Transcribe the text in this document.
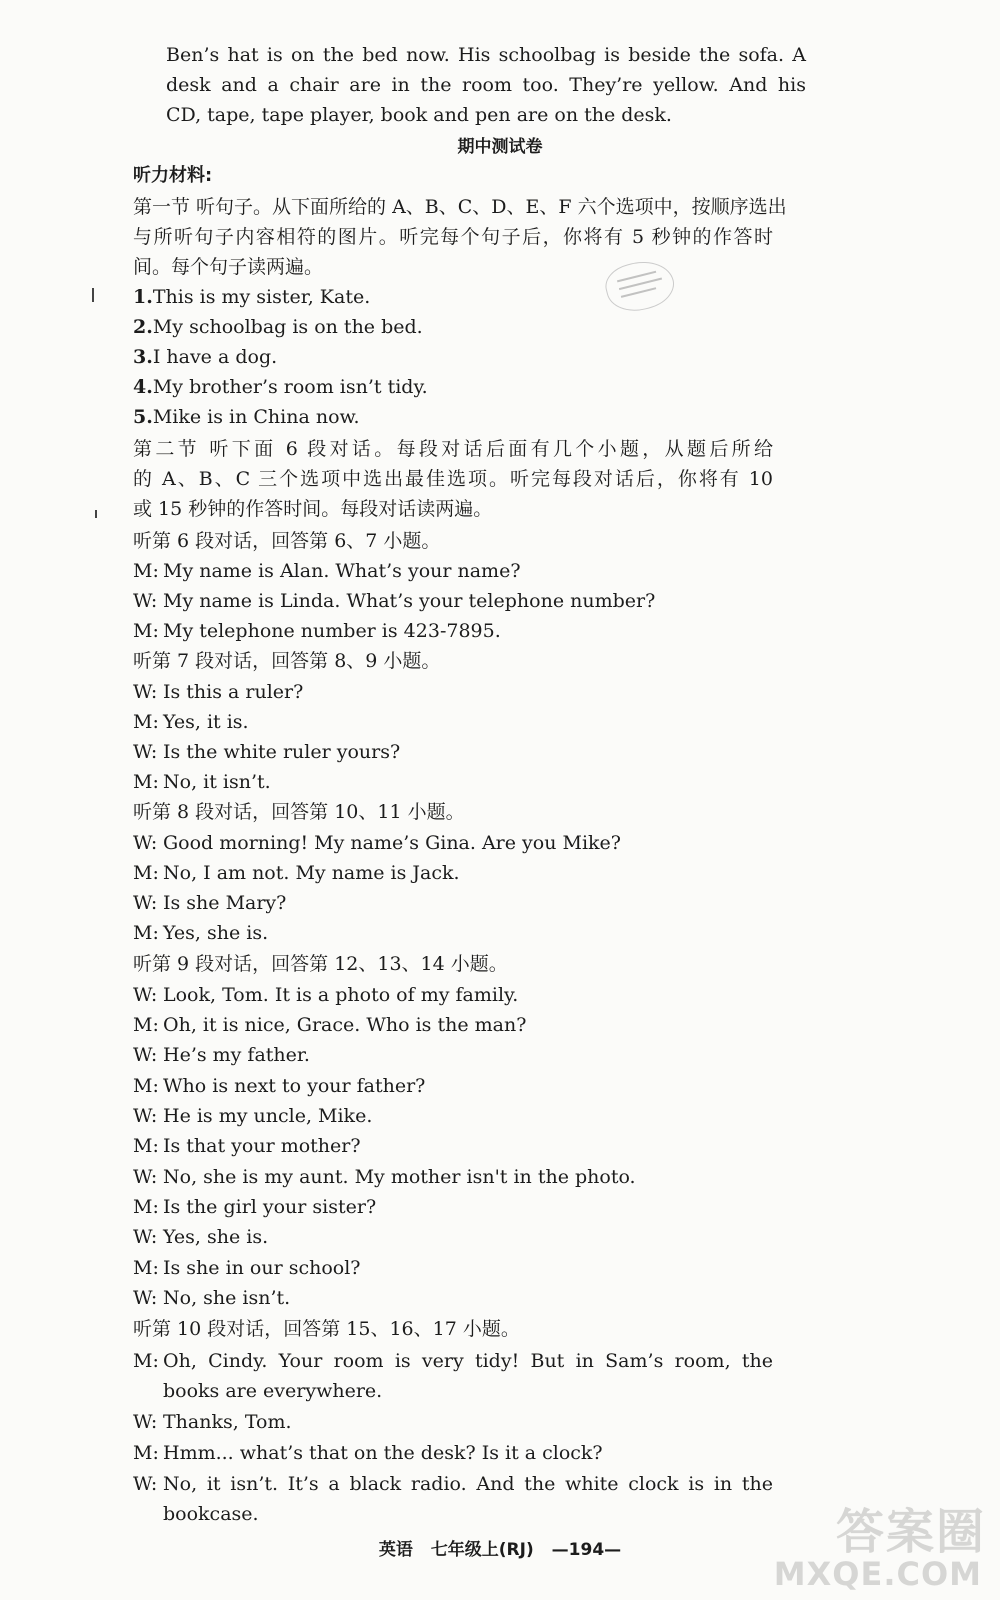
Ben’s hat is on the bed now. His schoolbag is beside the sofa. A
desk and a chair are in the room too. They’re yellow. And his
CD, tape, tape player, book and pen are on the desk.
期中测试卷
听力材料:
第一节 听句子。从下面所给的 A、B、C、D、E、F 六个选项中，按顺序选出
与所听句子内容相符的图片。听完每个句子后，你将有 5 秒钟的作答时
间。每个句子读两遍。
1.This is my sister, Kate.
2.My schoolbag is on the bed.
3.I have a dog.
4.My brother’s room isn’t tidy.
5.Mike is in China now.
第二节 听下面 6 段对话。每段对话后面有几个小题，从题后所给
的 A、B、C 三个选项中选出最佳选项。听完每段对话后，你将有 10
或 15 秒钟的作答时间。每段对话读两遍。
听第 6 段对话，回答第 6、7 小题。
M: My name is Alan. What’s your name?
W: My name is Linda. What’s your telephone number?
M: My telephone number is 423-7895.
听第 7 段对话，回答第 8、9 小题。
W: Is this a ruler?
M: Yes, it is.
W: Is the white ruler yours?
M: No, it isn’t.
听第 8 段对话，回答第 10、11 小题。
W: Good morning! My name’s Gina. Are you Mike?
M: No, I am not. My name is Jack.
W: Is she Mary?
M: Yes, she is.
听第 9 段对话，回答第 12、13、14 小题。
W: Look, Tom. It is a photo of my family.
M: Oh, it is nice, Grace. Who is the man?
W: He’s my father.
M: Who is next to your father?
W: He is my uncle, Mike.
M: Is that your mother?
W: No, she is my aunt. My mother isn't in the photo.
M: Is the girl your sister?
W: Yes, she is.
M: Is she in our school?
W: No, she isn’t.
听第 10 段对话，回答第 15、16、17 小题。
M: Oh, Cindy. Your room is very tidy! But in Sam’s room, the
books are everywhere.
W: Thanks, Tom.
M: Hmm... what’s that on the desk? Is it a clock?
W: No, it isn’t. It’s a black radio. And the white clock is in the
bookcase.
英语 七年级上(RJ) —194—	答案圈
MXQE.COM
